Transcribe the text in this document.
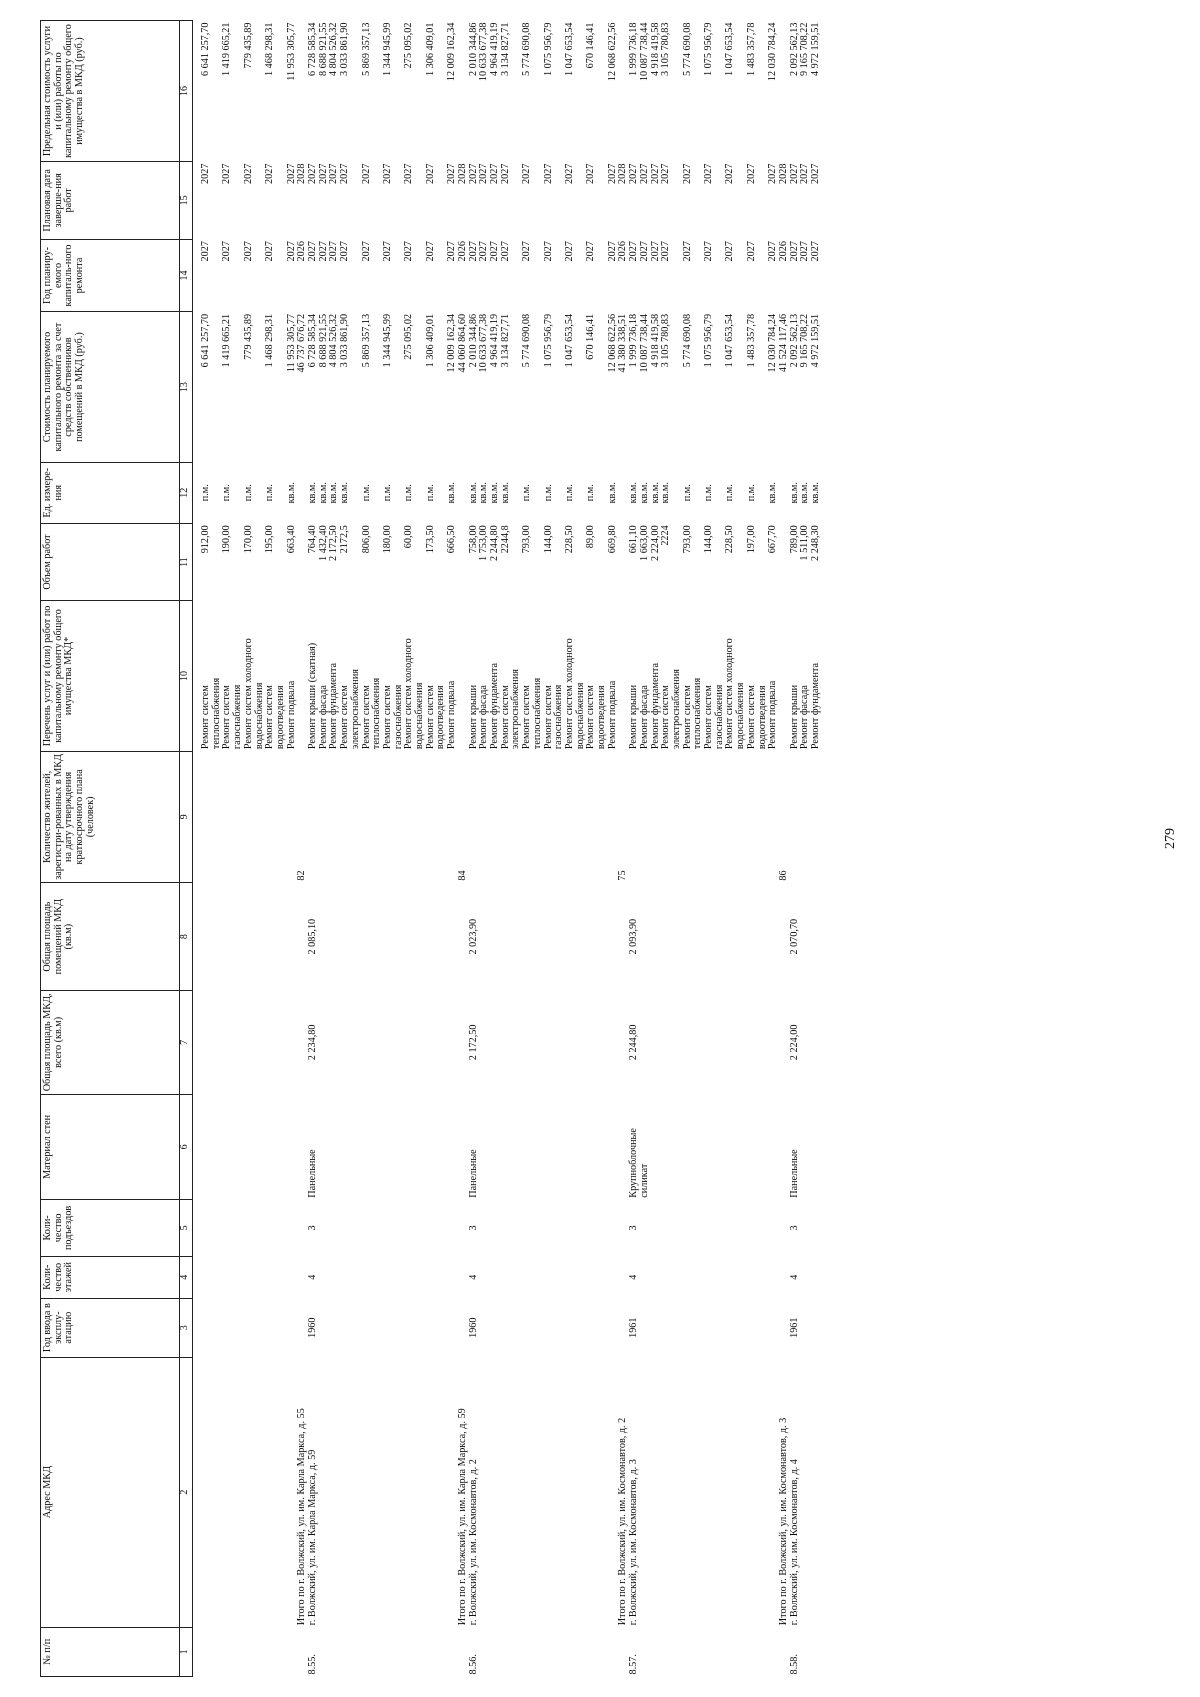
279
№ п/п	Адрес МКД	Год ввода в эксплу-атацию	Коли-чество этажей	Коли-чество подъездов	Материал стен	Общая площадь МКД, всего (кв.м)	Общая площадь помещений МКД (кв.м)	Количество жителей, зарегистри-рованных в МКД на дату утверждения краткосрочного плана (человек)	Перечень услуг и (или) работ по капитальному ремонту общего имущества МКД*	Объем работ	Ед. измере-ния	Стоимость планируемого капитального ремонта за счет средств собственников помещений в МКД (руб.)	Год планиру-емого капиталь-ного ремонта	Плановая дата заверше-ния работ	Предельная стоимость услуги и (или) работы по капитальному ремонту общего имущества в МКД (руб.)
1	2	3	4	5	6	7	8	9	10	11	12	13	14	15	16

									Ремонт систем	912,00	п.м.	6 641 257,70	2027	2027	6 641 257,70
									теплоснабжения						
									Ремонт систем	190,00	п.м.	1 419 665,21	2027	2027	1 419 665,21
									газоснабжения						
									Ремонт систем холодного	170,00	п.м.	779 435,89	2027	2027	779 435,89
									водоснабжения						
									Ремонт систем	195,00	п.м.	1 468 298,31	2027	2027	1 468 298,31
									водоотведения						
									Ремонт подвала	663,40	кв.м.	11 953 305,77	2027	2027	11 953 305,77
	Итого по г. Волжский, ул. им. Карла Маркса, д. 55							82				46 737 676,72	2026	2028	
8.55.	г. Волжский, ул. им. Карла Маркса, д. 59	1960	4	3	Панельные	2 234,80	2 085,10		Ремонт крыши (скатная)	764,40	кв.м.	6 728 585,34	2027	2027	6 728 585,34
									Ремонт фасада	1 432,40	кв.м.	8 688 921,55	2027	2027	8 688 921,55
									Ремонт фундамента	2 172,50	кв.м.	4 804 526,32	2027	2027	4 804 526,32
									Ремонт систем	2172,5	кв.м.	3 033 861,90	2027	2027	3 033 861,90
									электроснабжения						
									Ремонт систем	806,00	п.м.	5 869 357,13	2027	2027	5 869 357,13
									теплоснабжения						
									Ремонт систем	180,00	п.м.	1 344 945,99	2027	2027	1 344 945,99
									газоснабжения						
									Ремонт систем холодного	60,00	п.м.	275 095,02	2027	2027	275 095,02
									водоснабжения						
									Ремонт систем	173,50	п.м.	1 306 409,01	2027	2027	1 306 409,01
									водоотведения						
									Ремонт подвала	666,50	кв.м.	12 009 162,34	2027	2027	12 009 162,34
	Итого по г. Волжский, ул. им. Карла Маркса, д. 59							84				44 060 864,60	2026	2028	
8.56.	г. Волжский, ул. им. Космонавтов, д. 2	1960	4	3	Панельные	2 172,50	2 023,90		Ремонт крыши	758,00	кв.м.	2 010 344,86	2027	2027	2 010 344,86
									Ремонт фасада	1 753,00	кв.м.	10 633 677,38	2027	2027	10 633 677,38
									Ремонт фундамента	2 244,80	кв.м.	4 964 419,19	2027	2027	4 964 419,19
									Ремонт систем	2244,8	кв.м.	3 134 827,71	2027	2027	3 134 827,71
									электроснабжения						
									Ремонт систем	793,00	п.м.	5 774 690,08	2027	2027	5 774 690,08
									теплоснабжения						
									Ремонт систем	144,00	п.м.	1 075 956,79	2027	2027	1 075 956,79
									газоснабжения						
									Ремонт систем холодного	228,50	п.м.	1 047 653,54	2027	2027	1 047 653,54
									водоснабжения						
									Ремонт систем	89,00	п.м.	670 146,41	2027	2027	670 146,41
									водоотведения						
									Ремонт подвала	669,80	кв.м.	12 068 622,56	2027	2027	12 068 622,56
	Итого по г. Волжский, ул. им. Космонавтов, д. 2							75				41 380 338,51	2026	2028	
8.57.	г. Волжский, ул. им. Космонавтов, д. 3	1961	4	3	Крупноблочные	2 244,80	2 093,90		Ремонт крыши	661,10	кв.м.	1 999 736,18	2027	2027	1 999 736,18
					силикат				Ремонт фасада	1 663,00	кв.м.	10 087 738,44	2027	2027	10 087 738,44
									Ремонт фундамента	2 224,00	кв.м.	4 918 419,58	2027	2027	4 918 419,58
									Ремонт систем	2224	кв.м.	3 105 780,83	2027	2027	3 105 780,83
									электроснабжения						
									Ремонт систем	793,00	п.м.	5 774 690,08	2027	2027	5 774 690,08
									теплоснабжения						
									Ремонт систем	144,00	п.м.	1 075 956,79	2027	2027	1 075 956,79
									газоснабжения						
									Ремонт систем холодного	228,50	п.м.	1 047 653,54	2027	2027	1 047 653,54
									водоснабжения						
									Ремонт систем	197,00	п.м.	1 483 357,78	2027	2027	1 483 357,78
									водоотведения						
									Ремонт подвала	667,70	кв.м.	12 030 784,24	2027	2027	12 030 784,24
	Итого по г. Волжский, ул. им. Космонавтов, д. 3							86				41 524 117,46	2026	2028	
8.58.	г. Волжский, ул. им. Космонавтов, д. 4	1961	4	3	Панельные	2 224,00	2 070,70		Ремонт крыши	789,00	кв.м.	2 092 562,13	2027	2027	2 092 562,13
									Ремонт фасада	1 511,00	кв.м.	9 165 708,22	2027	2027	9 165 708,22
									Ремонт фундамента	2 248,30	кв.м.	4 972 159,51	2027	2027	4 972 159,51
